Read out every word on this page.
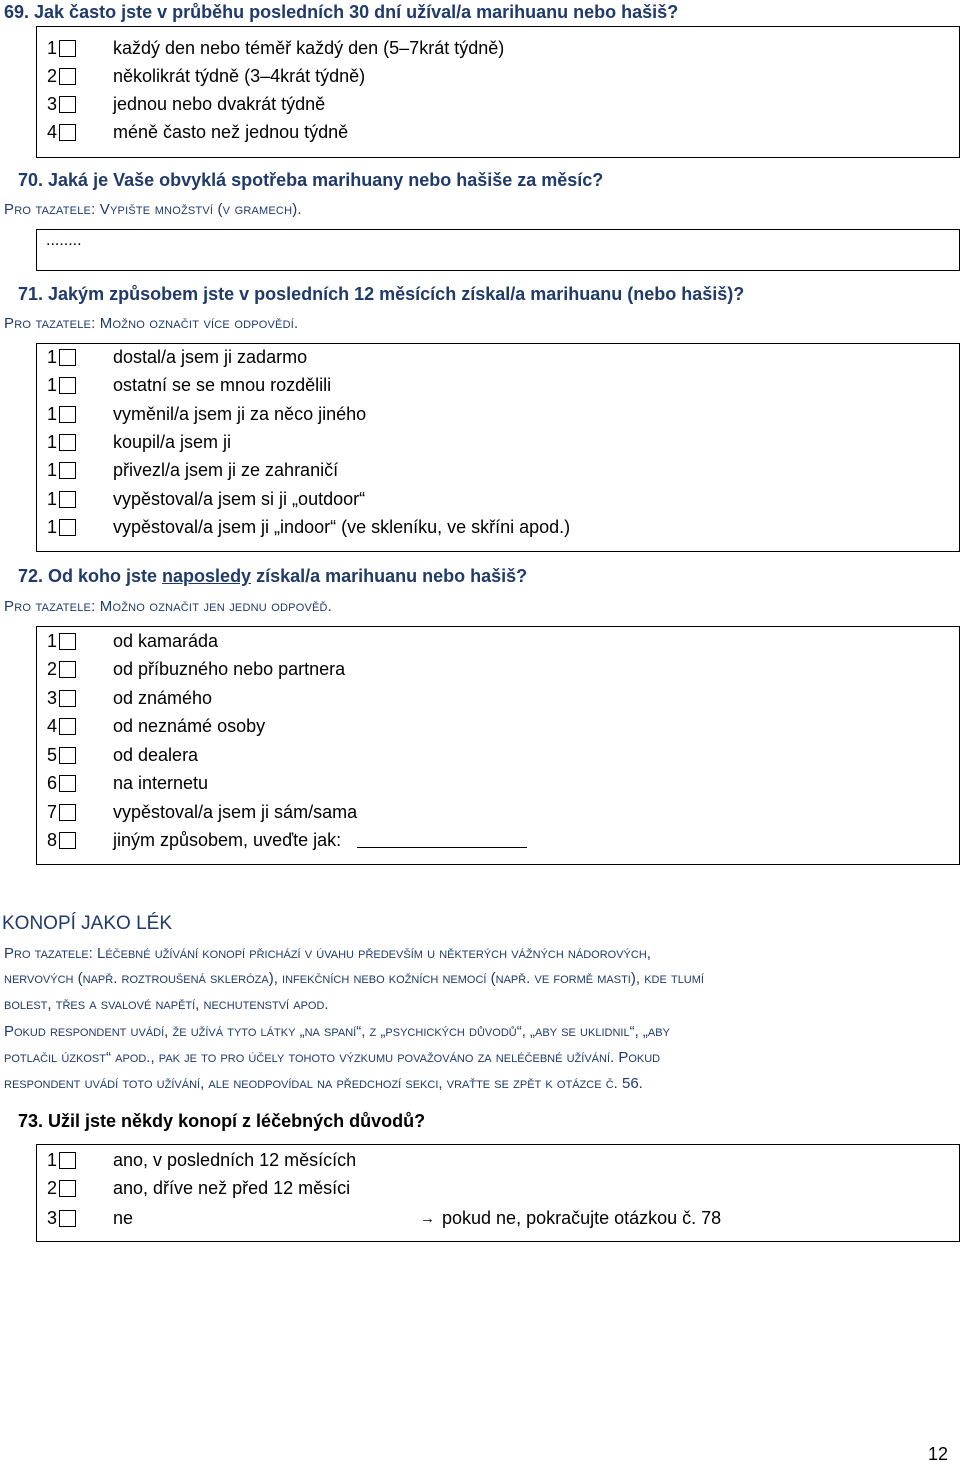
69. Jak často jste v průběhu posledních 30 dní užíval/a marihuanu nebo hašiš?
1	každý den nebo téměř každý den (5–7krát týdně)
2	několikrát týdně (3–4krát týdně)
3	jednou nebo dvakrát týdně
4	méně často než jednou týdně
70. Jaká je Vaše obvyklá spotřeba marihuany nebo hašiše za měsíc?
Pro tazatele: Vypište množství (v gramech).
........
71. Jakým způsobem jste v posledních 12 měsících získal/a marihuanu (nebo hašiš)?
Pro tazatele: Možno označit více odpovědí.
1	dostal/a jsem ji zadarmo
1	ostatní se se mnou rozdělili
1	vyměnil/a jsem ji za něco jiného
1	koupil/a jsem ji
1	přivezl/a jsem ji ze zahraničí
1	vypěstoval/a jsem si ji „outdoor“
1	vypěstoval/a jsem ji „indoor“ (ve skleníku, ve skříni apod.)
72. Od koho jste naposledy získal/a marihuanu nebo hašiš?
Pro tazatele: Možno označit jen jednu odpověď.
1	od kamaráda
2	od příbuzného nebo partnera
3	od známého
4	od neznámé osoby
5	od dealera
6	na internetu
7	vypěstoval/a jsem ji sám/sama
8	jiným způsobem, uveďte jak:
KONOPÍ JAKO LÉK
Pro tazatele: Léčebné užívání konopí přichází v úvahu především u některých vážných nádorových,
nervových (např. roztroušená skleróza), infekčních nebo kožních nemocí (např. ve formě masti), kde tlumí
bolest, třes a svalové napětí, nechutenství apod.
Pokud respondent uvádí, že užívá tyto látky „na spaní“, z „psychických důvodů“, „aby se uklidnil“, „aby
potlačil úzkost“ apod., pak je to pro účely tohoto výzkumu považováno za neléčebné užívání. Pokud
respondent uvádí toto užívání, ale neodpovídal na předchozí sekci, vraťte se zpět k otázce č. 56.
73. Užil jste někdy konopí z léčebných důvodů?
1	ano, v posledních 12 měsících
2	ano, dříve než před 12 měsíci
3	ne	→ pokud ne, pokračujte otázkou č. 78
12
